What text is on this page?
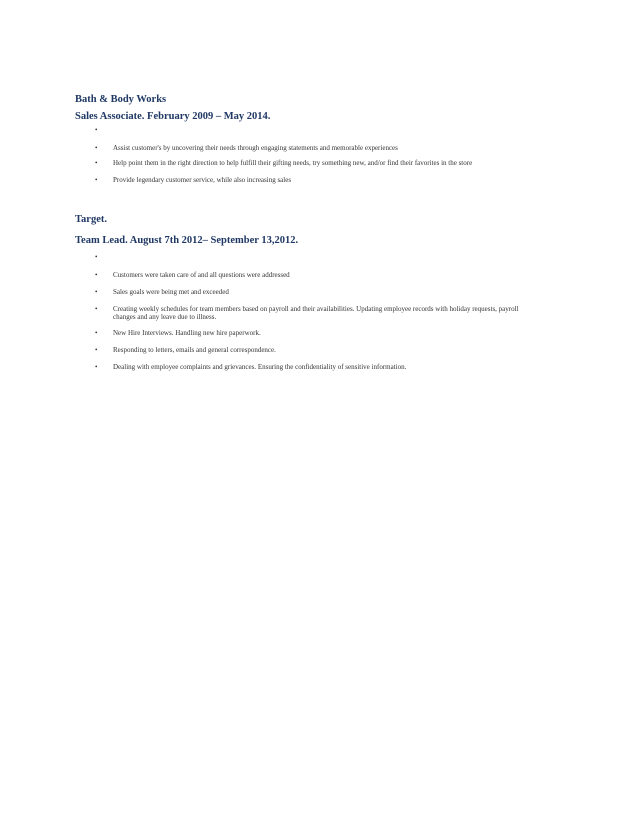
Bath & Body Works

Sales Associate. February 2009 – May 2014.

•
• Assist customer's by uncovering their needs through engaging statements and memorable experiences
• Help point them in the right direction to help fulfill their gifting needs, try something new, and/or find their favorites in the store
• Provide legendary customer service, while also increasing sales

Target.

Team Lead. August 7th 2012– September 13,2012.

•
• Customers were taken care of and all questions were addressed
• Sales goals were being met and exceeded
• Creating weekly schedules for team members based on payroll and their availabilities. Updating employee records with holiday requests, payroll changes and any leave due to illness.
• New Hire Interviews. Handling new hire paperwork.
• Responding to letters, emails and general correspondence.
• Dealing with employee complaints and grievances. Ensuring the confidentiality of sensitive information.
